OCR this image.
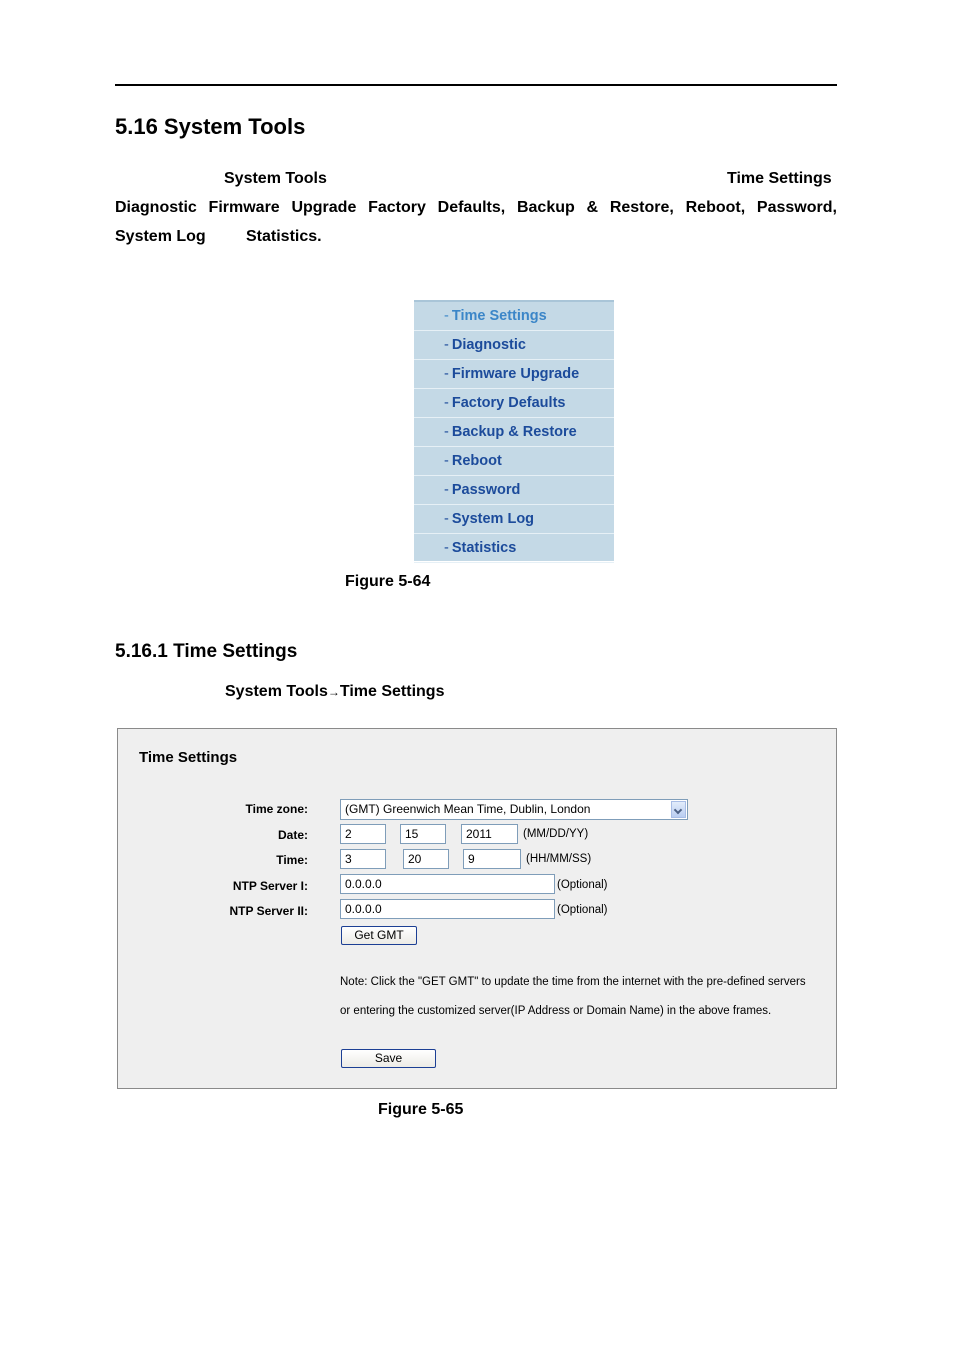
5.16 System Tools
System Tools	Time Settings
Diagnostic Firmware Upgrade Factory Defaults, Backup & Restore, Reboot, Password,
System Log	Statistics.
- Time Settings
- Diagnostic
- Firmware Upgrade
- Factory Defaults
- Backup & Restore
- Reboot
- Password
- System Log
- Statistics
Figure 5-64
5.16.1 Time Settings
System Tools→Time Settings
Time Settings
Time zone:	(GMT) Greenwich Mean Time, Dublin, London
Date:	2	15	2011	(MM/DD/YY)
Time:	3	20	9	(HH/MM/SS)
NTP Server I:	0.0.0.0	(Optional)
NTP Server II:	0.0.0.0	(Optional)
Get GMT
Note: Click the "GET GMT" to update the time from the internet with the pre-defined servers
or entering the customized server(IP Address or Domain Name) in the above frames.
Save
Figure 5-65
